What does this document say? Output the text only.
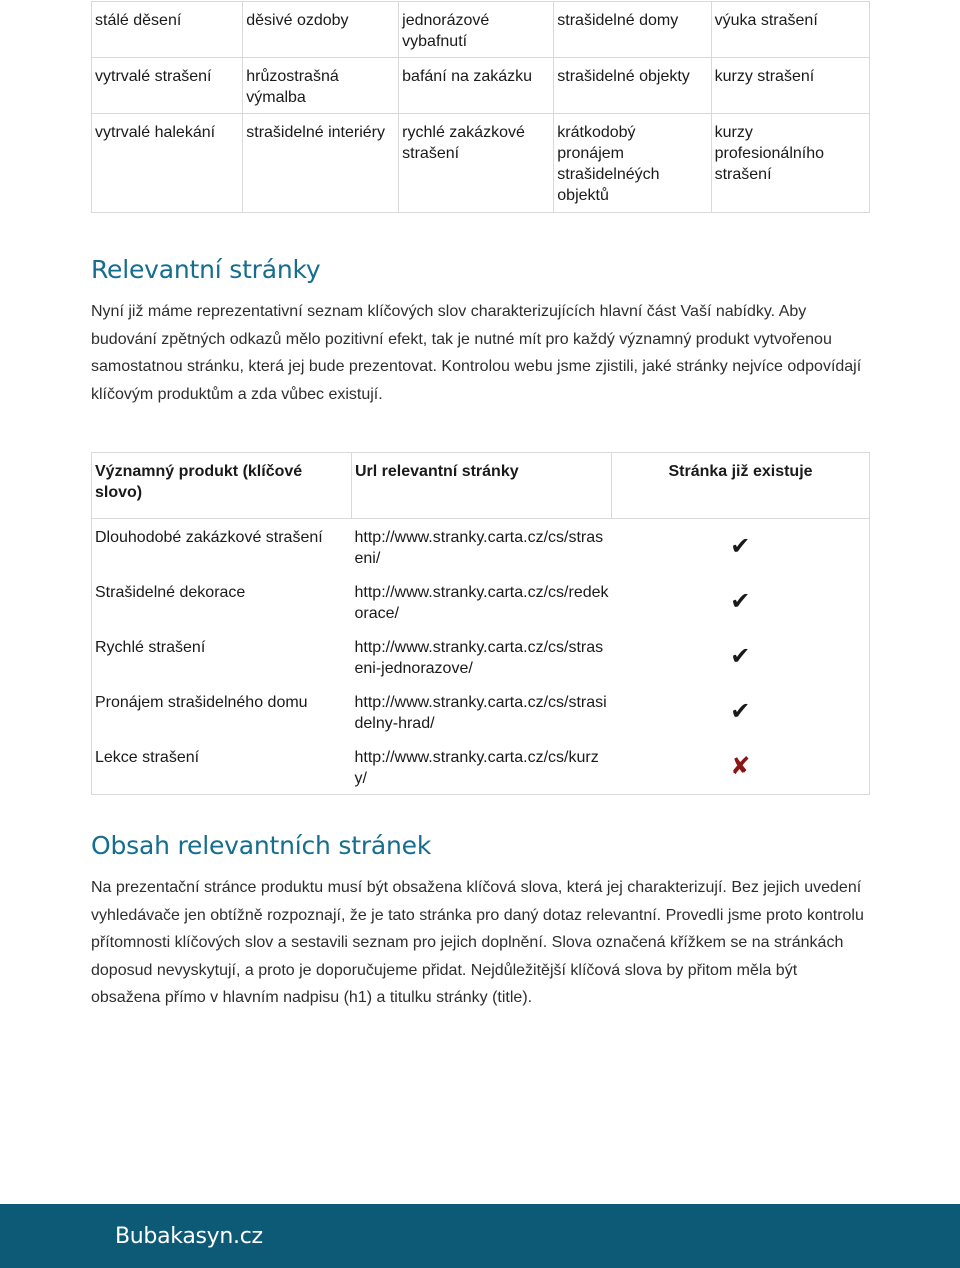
stálé děsení	děsivé ozdoby	jednorázové vybafnutí	strašidelné domy	výuka strašení
vytrvalé strašení	hrůzostrašná výmalba	bafání na zakázku	strašidelné objekty	kurzy strašení
vytrvalé halekání	strašidelné interiéry	rychlé zakázkové strašení	krátkodobý pronájem strašidelnéých objektů	kurzy profesionálního strašení
Relevantní stránky

Nyní již máme reprezentativní seznam klíčových slov charakterizujících hlavní část Vaší nabídky. Aby budování zpětných odkazů mělo pozitivní efekt, tak je nutné mít pro každý významný produkt vytvořenou samostatnou stránku, která jej bude prezentovat. Kontrolou webu jsme zjistili, jaké stránky nejvíce odpovídají klíčovým produktům a zda vůbec existují.

Významný produkt (klíčové slovo)	Url relevantní stránky	Stránka již existuje
Dlouhodobé zakázkové strašení	http://www.stranky.carta.cz/cs/straseni/	✔
Strašidelné dekorace	http://www.stranky.carta.cz/cs/redekorace/	✔
Rychlé strašení	http://www.stranky.carta.cz/cs/straseni-jednorazove/	✔
Pronájem strašidelného domu	http://www.stranky.carta.cz/cs/strasidelny-hrad/	✔
Lekce strašení	http://www.stranky.carta.cz/cs/kurzy/	✘
Obsah relevantních stránek

Na prezentační stránce produktu musí být obsažena klíčová slova, která jej charakterizují. Bez jejich uvedení vyhledávače jen obtížně rozpoznají, že je tato stránka pro daný dotaz relevantní. Provedli jsme proto kontrolu přítomnosti klíčových slov a sestavili seznam pro jejich doplnění. Slova označená křížkem se na stránkách doposud nevyskytují, a proto je doporučujeme přidat. Nejdůležitější klíčová slova by přitom měla být obsažena přímo v hlavním nadpisu (h1) a titulku stránky (title).

Bubakasyn.cz
